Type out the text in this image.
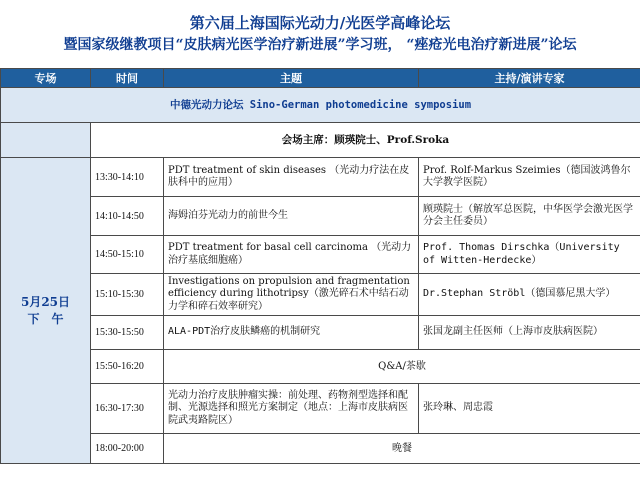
第六届上海国际光动力/光医学高峰论坛
暨国家级继教项目“皮肤病光医学治疗新进展”学习班， “痤疮光电治疗新进展”论坛
专场	时间	主题	主持/演讲专家
中德光动力论坛 Sino-German photomedicine symposium			
	会场主席：顾瑛院士、Prof.Sroka		

5月25日
下　午	13:30-14:10	PDT treatment of skin diseases （光动力疗法在皮肤科中的应用）	Prof. Rolf-Markus Szeimies（德国波鸿鲁尔大学教学医院）
	14:10-14:50	海姆泊芬光动力的前世今生	顾瑛院士（解放军总医院，中华医学会激光医学分会主任委员）
	14:50-15:10	PDT treatment for basal cell carcinoma （光动力治疗基底细胞癌）	Prof. Thomas Dirschka（University of Witten-Herdecke）
	15:10-15:30	Investigations on propulsion and fragmentation efficiency during lithotripsy（激光碎石术中结石动力学和碎石效率研究）	Dr.Stephan Ströbl（德国慕尼黑大学）
	15:30-15:50	ALA-PDT治疗皮肤鳞癌的机制研究	张国龙副主任医师（上海市皮肤病医院）
	15:50-16:20	Q&A/茶歇	
	16:30-17:30	光动力治疗皮肤肿瘤实操：前处理、药物剂型选择和配制、光源选择和照光方案制定（地点：上海市皮肤病医院武夷路院区）	张玲琳、周忠霞
	18:00-20:00	晚餐	
